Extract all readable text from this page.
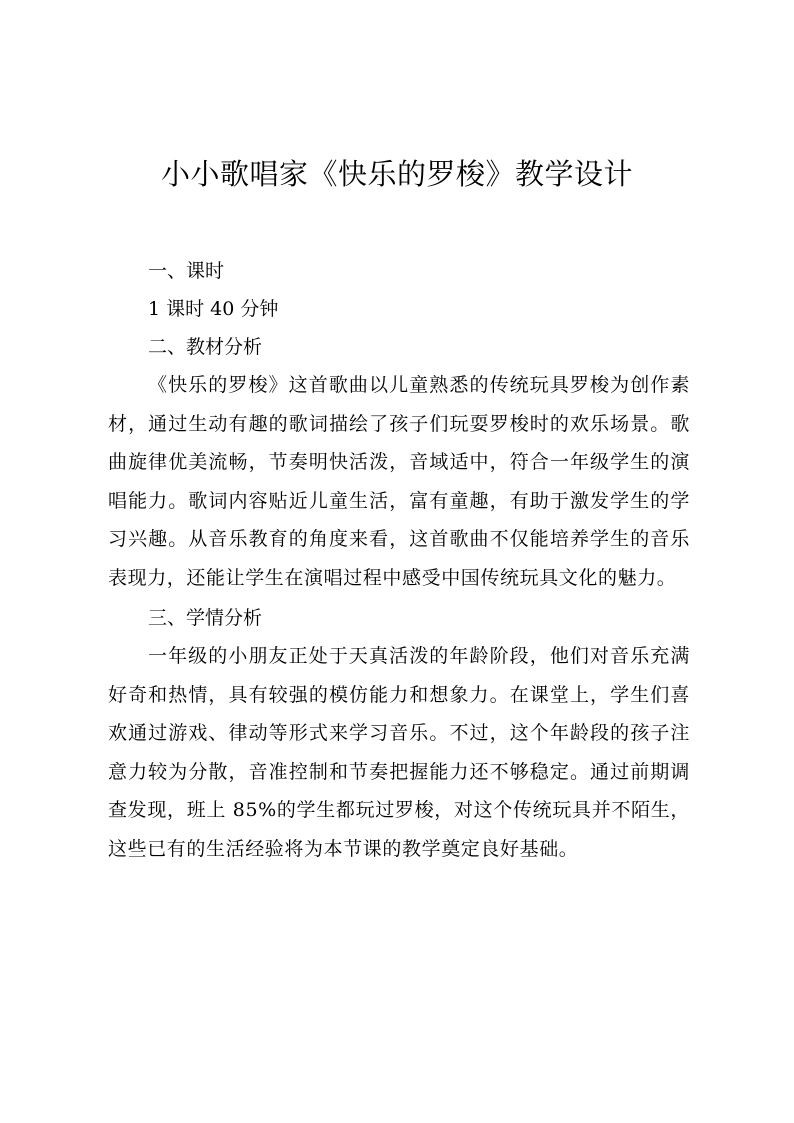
小小歌唱家《快乐的罗梭》教学设计
一、课时

1 课时 40 分钟

二、教材分析

《快乐的罗梭》这首歌曲以儿童熟悉的传统玩具罗梭为创作素材，通过生动有趣的歌词描绘了孩子们玩耍罗梭时的欢乐场景。歌曲旋律优美流畅，节奏明快活泼，音域适中，符合一年级学生的演唱能力。歌词内容贴近儿童生活，富有童趣，有助于激发学生的学习兴趣。从音乐教育的角度来看，这首歌曲不仅能培养学生的音乐表现力，还能让学生在演唱过程中感受中国传统玩具文化的魅力。

三、学情分析

一年级的小朋友正处于天真活泼的年龄阶段，他们对音乐充满好奇和热情，具有较强的模仿能力和想象力。在课堂上，学生们喜欢通过游戏、律动等形式来学习音乐。不过，这个年龄段的孩子注意力较为分散，音准控制和节奏把握能力还不够稳定。通过前期调查发现，班上 85%的学生都玩过罗梭，对这个传统玩具并不陌生，这些已有的生活经验将为本节课的教学奠定良好基础。
